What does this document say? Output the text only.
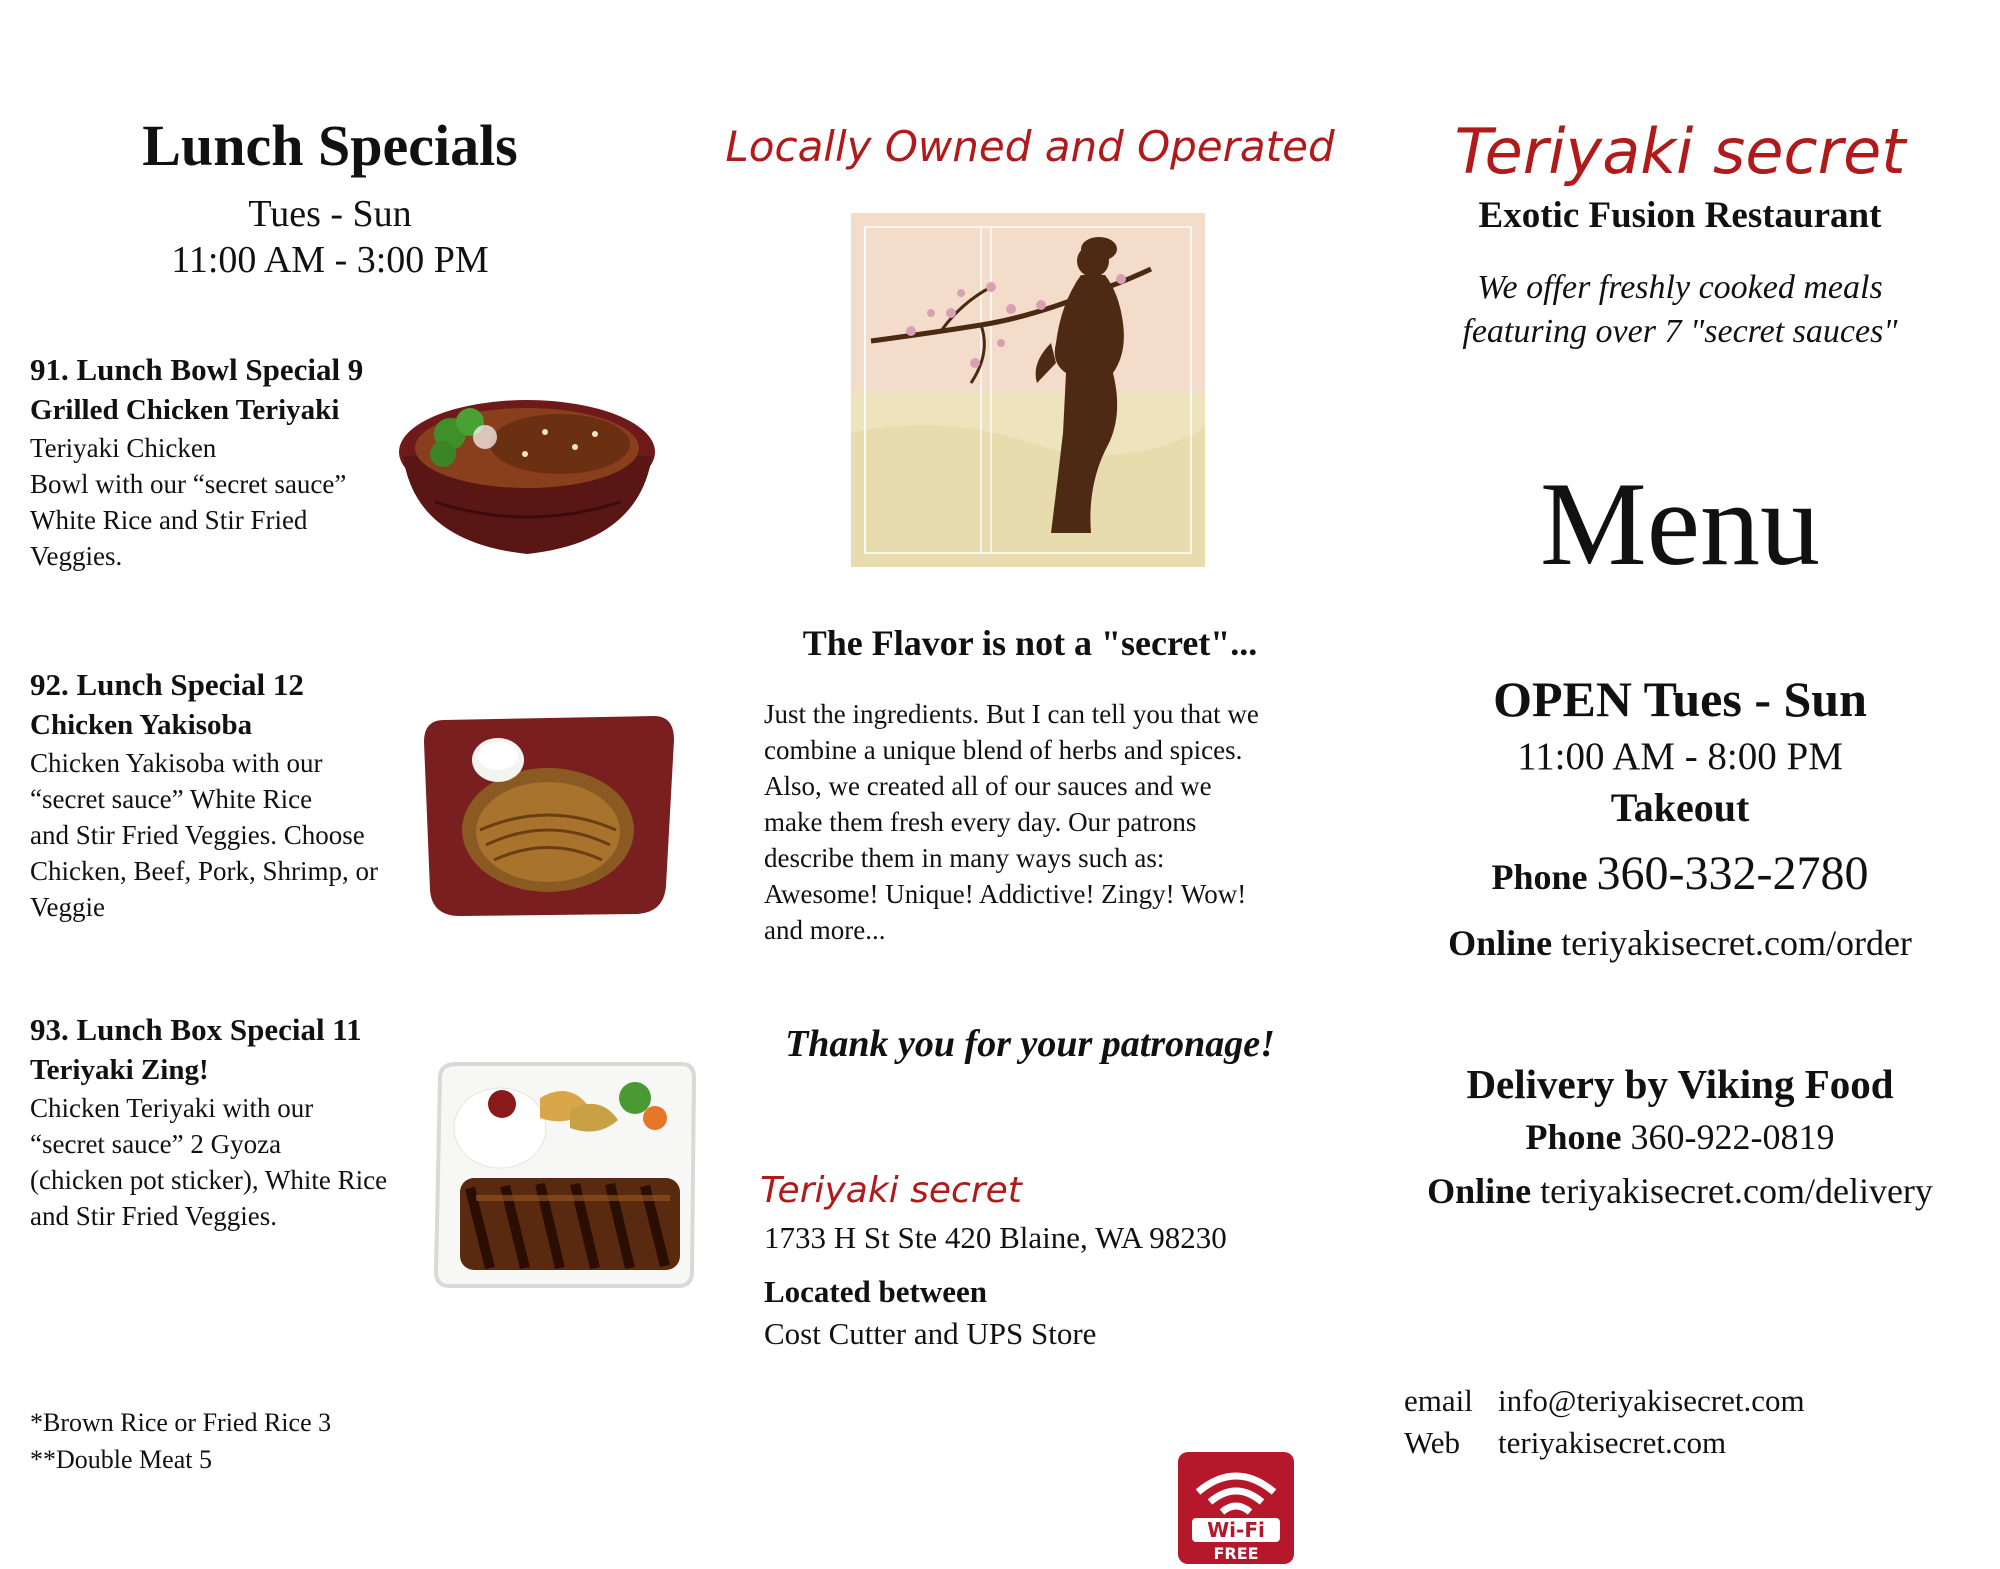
Lunch Specials
Tues - Sun
11:00 AM - 3:00 PM
91. Lunch Bowl Special 9
Grilled Chicken Teriyaki
Teriyaki Chicken
Bowl with our “secret sauce”
White Rice and Stir Fried
Veggies.
92. Lunch Special 12
Chicken Yakisoba
Chicken Yakisoba with our
“secret sauce” White Rice
and Stir Fried Veggies. Choose
Chicken, Beef, Pork, Shrimp, or
Veggie
93. Lunch Box Special 11
Teriyaki Zing!
Chicken Teriyaki with our
“secret sauce” 2 Gyoza
(chicken pot sticker), White Rice
and Stir Fried Veggies.
*Brown Rice or Fried Rice 3
**Double Meat 5
Locally Owned and Operated
The Flavor is not a "secret"...
Just the ingredients. But I can tell you that we
combine a unique blend of herbs and spices.
Also, we created all of our sauces and we
make them fresh every day. Our patrons
describe them in many ways such as:
Awesome! Unique! Addictive! Zingy! Wow!
and more...
Thank you for your patronage!
Teriyaki secret
1733 H St Ste 420 Blaine, WA 98230
Located between
Cost Cutter and UPS Store
Wi-Fi
FREE
Teriyaki secret
Exotic Fusion Restaurant
We offer freshly cooked meals
featuring over 7 "secret sauces"
Menu
OPEN Tues - Sun
11:00 AM - 8:00 PM
Takeout
Phone 360-332-2780
Online teriyakisecret.com/order
Delivery by Viking Food
Phone 360-922-0819
Online teriyakisecret.com/delivery
email info@teriyakisecret.com
Web teriyakisecret.com
